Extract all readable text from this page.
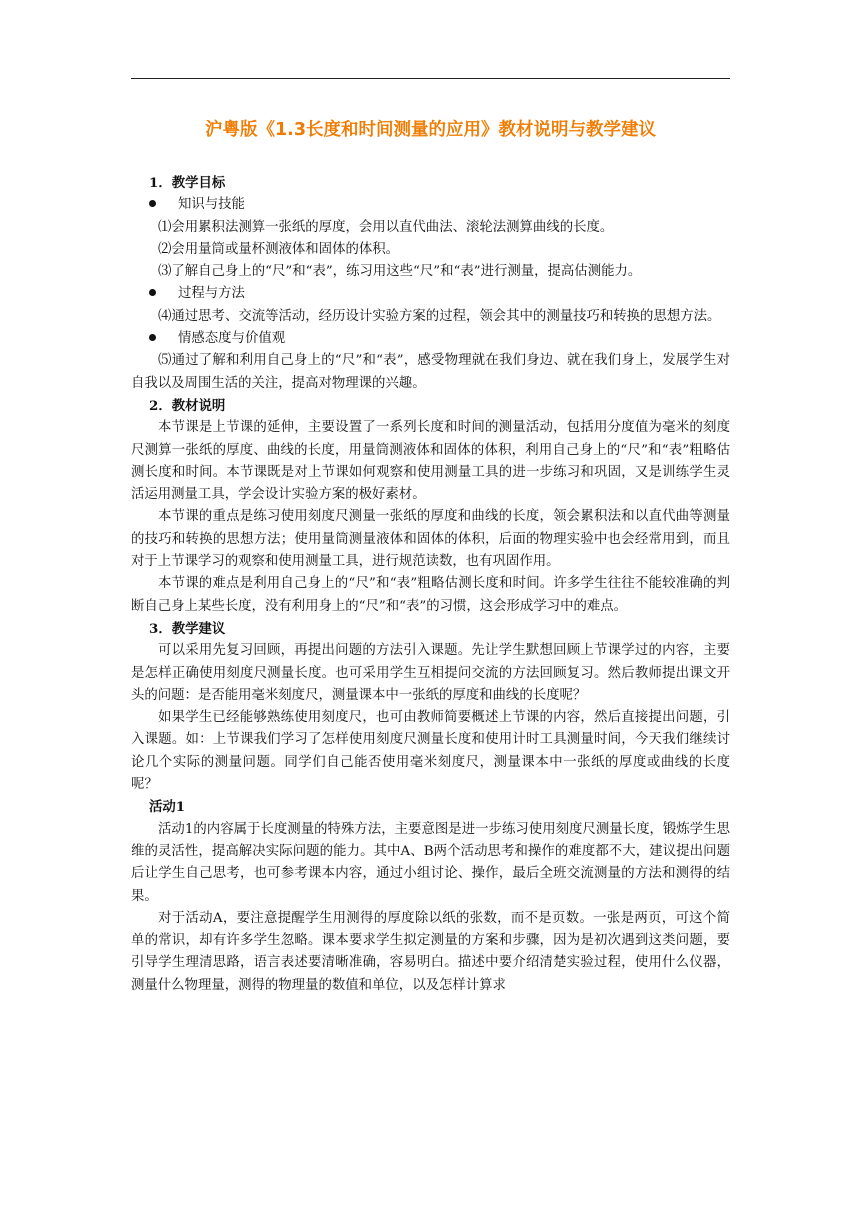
沪粤版《1.3长度和时间测量的应用》教材说明与教学建议

1．教学目标

知识与技能

⑴会用累积法测算一张纸的厚度，会用以直代曲法、滚轮法测算曲线的长度。

⑵会用量筒或量杯测液体和固体的体积。

⑶了解自己身上的“尺”和“表”，练习用这些“尺”和“表”进行测量，提高估测能力。

过程与方法

⑷通过思考、交流等活动，经历设计实验方案的过程，领会其中的测量技巧和转换的思想方法。

情感态度与价值观

⑸通过了解和利用自己身上的“尺”和“表”，感受物理就在我们身边、就在我们身上，发展学生对自我以及周围生活的关注，提高对物理课的兴趣。

2．教材说明

本节课是上节课的延伸，主要设置了一系列长度和时间的测量活动，包括用分度值为毫米的刻度尺测算一张纸的厚度、曲线的长度，用量筒测液体和固体的体积，利用自己身上的“尺”和“表”粗略估测长度和时间。本节课既是对上节课如何观察和使用测量工具的进一步练习和巩固，又是训练学生灵活运用测量工具，学会设计实验方案的极好素材。

本节课的重点是练习使用刻度尺测量一张纸的厚度和曲线的长度，领会累积法和以直代曲等测量的技巧和转换的思想方法；使用量筒测量液体和固体的体积，后面的物理实验中也会经常用到，而且对于上节课学习的观察和使用测量工具，进行规范读数，也有巩固作用。

本节课的难点是利用自己身上的“尺”和“表”粗略估测长度和时间。许多学生往往不能较准确的判断自己身上某些长度，没有利用身上的“尺”和“表”的习惯，这会形成学习中的难点。

3．教学建议

可以采用先复习回顾，再提出问题的方法引入课题。先让学生默想回顾上节课学过的内容，主要是怎样正确使用刻度尺测量长度。也可采用学生互相提问交流的方法回顾复习。然后教师提出课文开头的问题：是否能用毫米刻度尺，测量课本中一张纸的厚度和曲线的长度呢？

如果学生已经能够熟练使用刻度尺，也可由教师简要概述上节课的内容，然后直接提出问题，引入课题。如：上节课我们学习了怎样使用刻度尺测量长度和使用计时工具测量时间，今天我们继续讨论几个实际的测量问题。同学们自己能否使用毫米刻度尺，测量课本中一张纸的厚度或曲线的长度呢？

活动1

活动1的内容属于长度测量的特殊方法，主要意图是进一步练习使用刻度尺测量长度，锻炼学生思维的灵活性，提高解决实际问题的能力。其中A、B两个活动思考和操作的难度都不大，建议提出问题后让学生自己思考，也可参考课本内容，通过小组讨论、操作，最后全班交流测量的方法和测得的结果。

对于活动A，要注意提醒学生用测得的厚度除以纸的张数，而不是页数。一张是两页，可这个简单的常识，却有许多学生忽略。课本要求学生拟定测量的方案和步骤，因为是初次遇到这类问题，要引导学生理清思路，语言表述要清晰准确，容易明白。描述中要介绍清楚实验过程，使用什么仪器，测量什么物理量，测得的物理量的数值和单位，以及怎样计算求
